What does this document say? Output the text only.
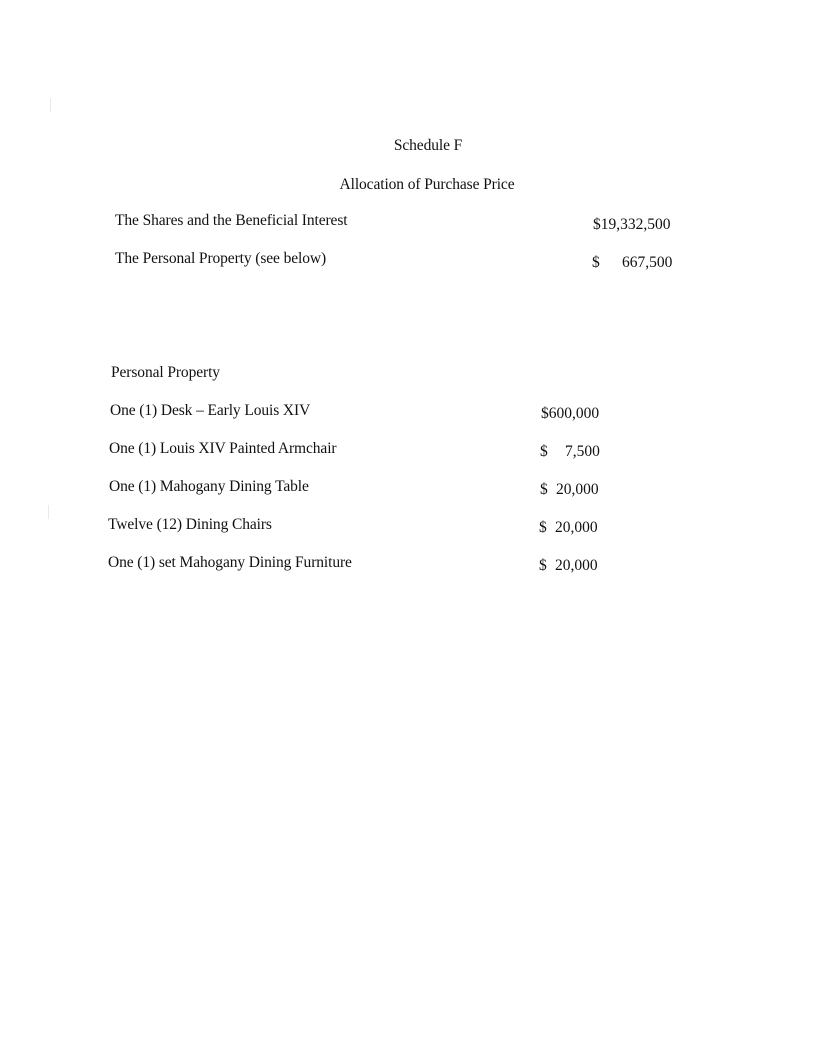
Schedule F
Allocation of Purchase Price
The Shares and the Beneficial Interest	$19,332,500
The Personal Property (see below)	$	667,500
Personal Property
One (1) Desk – Early Louis XIV	$600,000
One (1) Louis XIV Painted Armchair	$	7,500
One (1) Mahogany Dining Table	$ 20,000
Twelve (12) Dining Chairs	$ 20,000
One (1) set Mahogany Dining Furniture	$ 20,000
